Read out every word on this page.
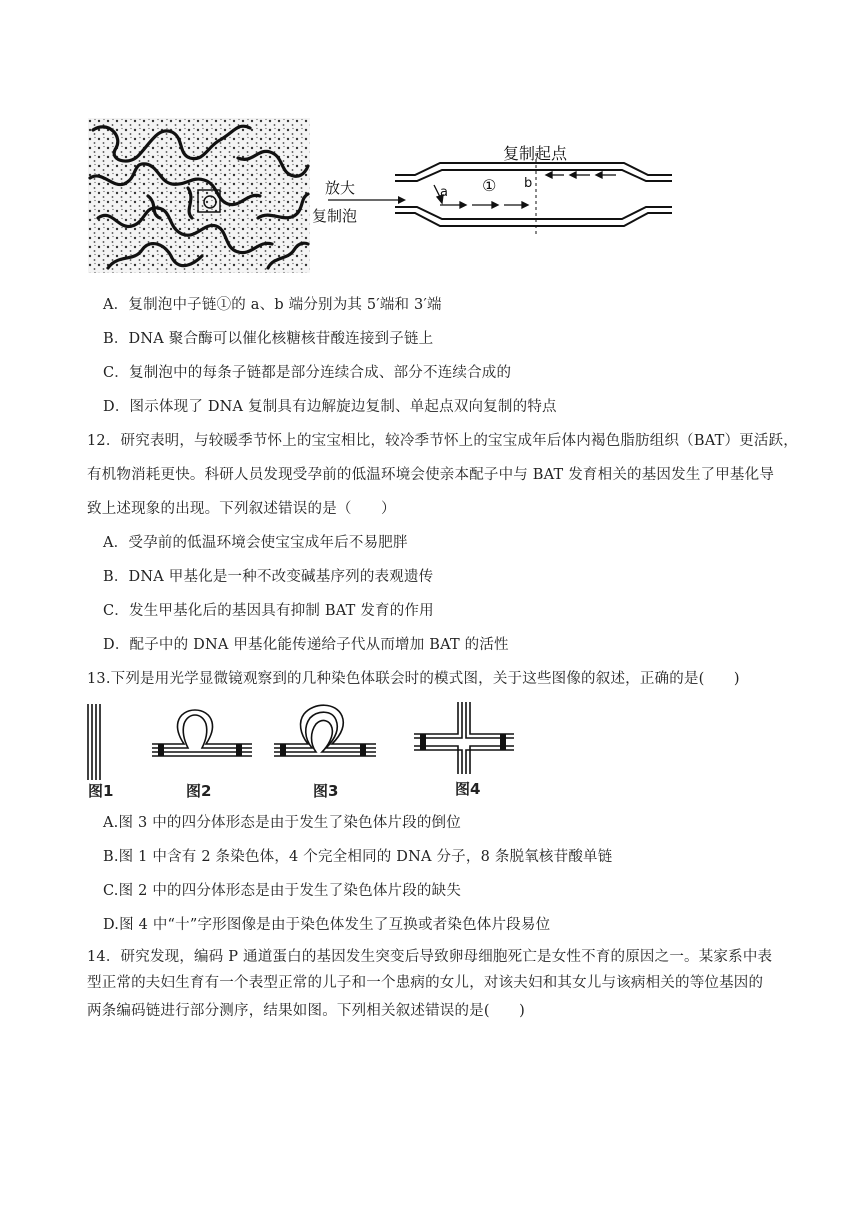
复制起点
放大
复制泡
a ① b
A．复制泡中子链①的 a、b 端分别为其 5′端和 3′端
B．DNA 聚合酶可以催化核糖核苷酸连接到子链上
C．复制泡中的每条子链都是部分连续合成、部分不连续合成的
D．图示体现了 DNA 复制具有边解旋边复制、单起点双向复制的特点
12．研究表明，与较暖季节怀上的宝宝相比，较冷季节怀上的宝宝成年后体内褐色脂肪组织（BAT）更活跃，
有机物消耗更快。科研人员发现受孕前的低温环境会使亲本配子中与 BAT 发育相关的基因发生了甲基化导
致上述现象的出现。下列叙述错误的是（　　）
A．受孕前的低温环境会使宝宝成年后不易肥胖
B．DNA 甲基化是一种不改变碱基序列的表观遗传
C．发生甲基化后的基因具有抑制 BAT 发育的作用
D．配子中的 DNA 甲基化能传递给子代从而增加 BAT 的活性
13.下列是用光学显微镜观察到的几种染色体联会时的模式图，关于这些图像的叙述，正确的是(　　)
图1	图2	图3	图4
A.图 3 中的四分体形态是由于发生了染色体片段的倒位
B.图 1 中含有 2 条染色体，4 个完全相同的 DNA 分子，8 条脱氧核苷酸单链
C.图 2 中的四分体形态是由于发生了染色体片段的缺失
D.图 4 中“十”字形图像是由于染色体发生了互换或者染色体片段易位
14．研究发现，编码 P 通道蛋白的基因发生突变后导致卵母细胞死亡是女性不育的原因之一。某家系中表
型正常的夫妇生育有一个表型正常的儿子和一个患病的女儿，对该夫妇和其女儿与该病相关的等位基因的
两条编码链进行部分测序，结果如图。下列相关叙述错误的是(　　)
